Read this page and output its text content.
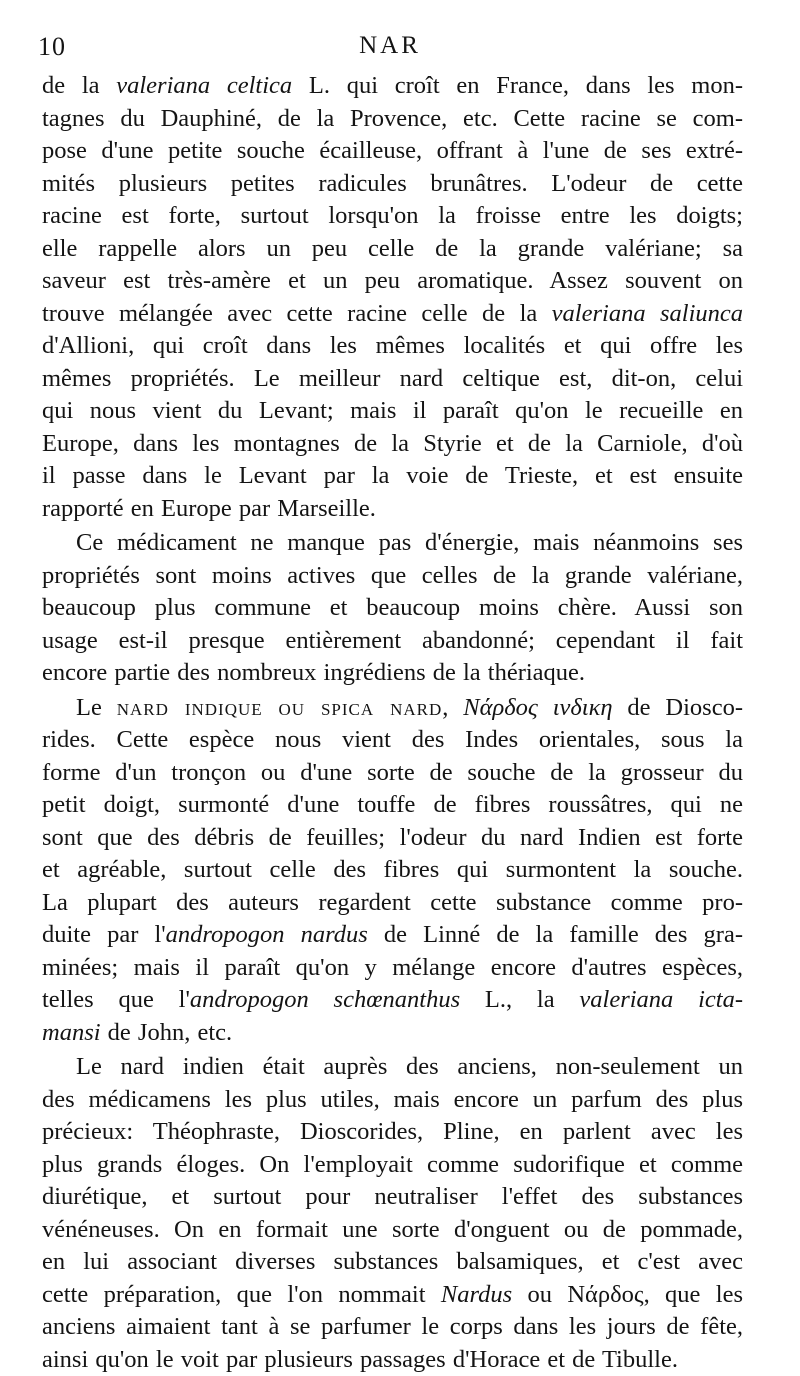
10	NAR
de la valeriana celtica L. qui croît en France, dans les mon-
tagnes du Dauphiné, de la Provence, etc. Cette racine se com-
pose d'une petite souche écailleuse, offrant à l'une de ses extré-
mités plusieurs petites radicules brunâtres. L'odeur de cette
racine est forte, surtout lorsqu'on la froisse entre les doigts;
elle rappelle alors un peu celle de la grande valériane; sa
saveur est très-amère et un peu aromatique. Assez souvent on
trouve mélangée avec cette racine celle de la valeriana saliunca
d'Allioni, qui croît dans les mêmes localités et qui offre les
mêmes propriétés. Le meilleur nard celtique est, dit-on, celui
qui nous vient du Levant; mais il paraît qu'on le recueille en
Europe, dans les montagnes de la Styrie et de la Carniole, d'où
il passe dans le Levant par la voie de Trieste, et est ensuite
rapporté en Europe par Marseille.
Ce médicament ne manque pas d'énergie, mais néanmoins ses
propriétés sont moins actives que celles de la grande valériane,
beaucoup plus commune et beaucoup moins chère. Aussi son
usage est-il presque entièrement abandonné; cependant il fait
encore partie des nombreux ingrédiens de la thériaque.
Le nard indique ou spica nard, Νάρδος ινδικη de Diosco-
rides. Cette espèce nous vient des Indes orientales, sous la
forme d'un tronçon ou d'une sorte de souche de la grosseur du
petit doigt, surmonté d'une touffe de fibres roussâtres, qui ne
sont que des débris de feuilles; l'odeur du nard Indien est forte
et agréable, surtout celle des fibres qui surmontent la souche.
La plupart des auteurs regardent cette substance comme pro-
duite par l'andropogon nardus de Linné de la famille des gra-
minées; mais il paraît qu'on y mélange encore d'autres espèces,
telles que l'andropogon schœnanthus L., la valeriana icta-
mansi de John, etc.
Le nard indien était auprès des anciens, non-seulement un
des médicamens les plus utiles, mais encore un parfum des plus
précieux: Théophraste, Dioscorides, Pline, en parlent avec les
plus grands éloges. On l'employait comme sudorifique et comme
diurétique, et surtout pour neutraliser l'effet des substances
vénéneuses. On en formait une sorte d'onguent ou de pommade,
en lui associant diverses substances balsamiques, et c'est avec
cette préparation, que l'on nommait Nardus ou Νάρδος, que les
anciens aimaient tant à se parfumer le corps dans les jours de fête,
ainsi qu'on le voit par plusieurs passages d'Horace et de Tibulle.
